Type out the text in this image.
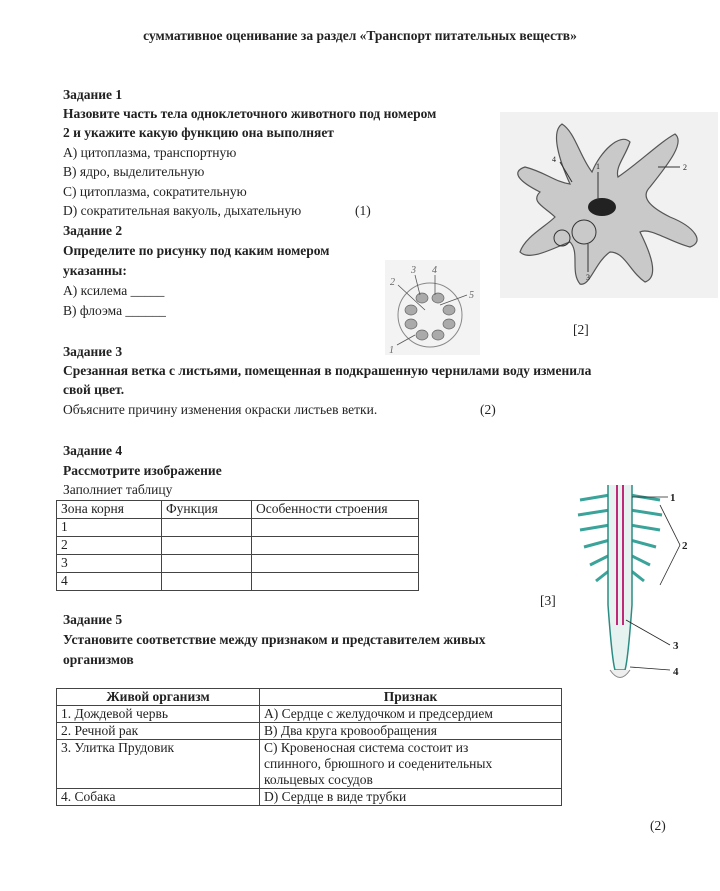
суммативное оценивание за раздел «Транспорт питательных веществ»
Задание 1
Назовите часть тела одноклеточного животного под номером
2 и укажите какую функцию она выполняет
А) цитоплазма, транспортную
В) ядро, выделительную
С) цитоплазма, сократительную
D) сократительная вакуоль, дыхательную	(1)
1	2
3
4
Задание 2
Определите по рисунку под каким номером
указанны:
А) ксилема _____
В) флоэма ______
2
3 4
5
1
[2]
Задание 3
Срезанная ветка с листьями, помещенная в подкрашенную чернилами воду изменила
свой цвет.
Объясните причину изменения окраски листьев ветки.	(2)
Задание 4
Рассмотрите изображение
Заполниет таблицу
Зона корня	Функция	Особенности строения
1		
2		
3		
4		
1
2
3
4
[3]
Задание 5
Установите соответствие между признаком и представителем живых
организмов
Живой организм	Признак
1. Дождевой червь	А) Сердце с желудочком и предсердием
2. Речной рак	В) Два круга кровообращения
3. Улитка Прудовик	С) Кровеносная система состоит из спинного, брюшного и соеденительных кольцевых сосудов
4. Собака	D) Сердце в виде трубки
(2)
